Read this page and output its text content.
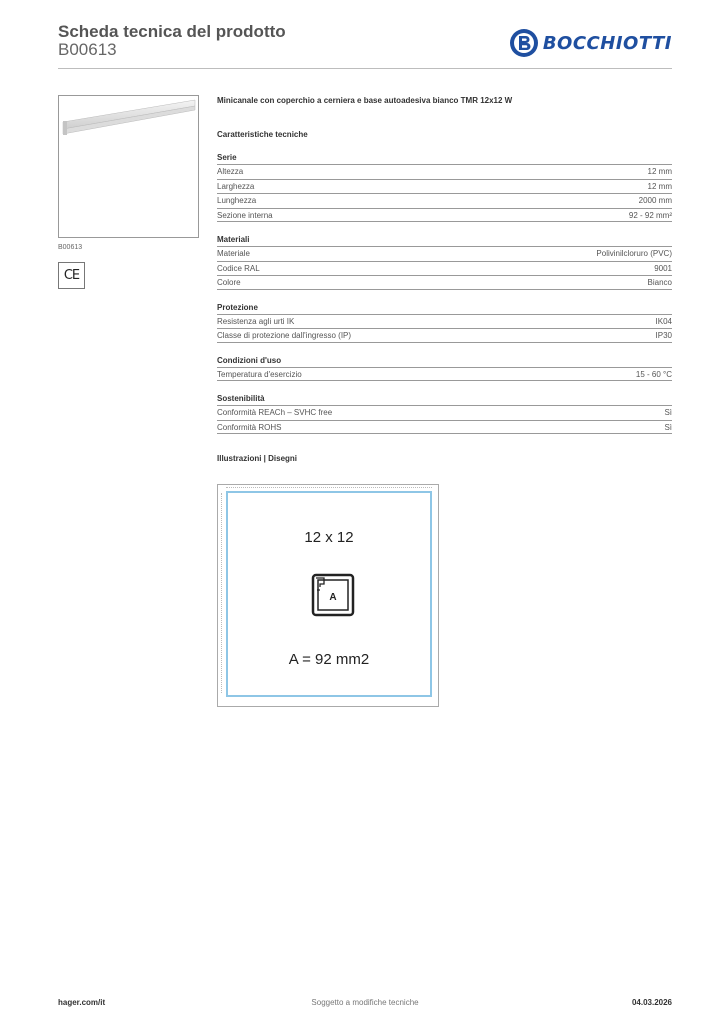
Scheda tecnica del prodotto
B00613	BOCCHIOTTI
B00613
CE
Minicanale con coperchio a cerniera e base autoadesiva bianco TMR 12x12 W
Caratteristiche tecniche
Serie
Altezza	12 mm
Larghezza	12 mm
Lunghezza	2000 mm
Sezione interna	92 - 92 mm²
Materiali
Materiale	Polivinilcloruro (PVC)
Codice RAL	9001
Colore	Bianco
Protezione
Resistenza agli urti IK	IK04
Classe di protezione dall'ingresso (IP)	IP30
Condizioni d'uso
Temperatura d'esercizio	15 - 60 °C
Sostenibilità
Conformità REACh – SVHC free	Sì
Conformità ROHS	Sì
Illustrazioni | Disegni
12 x 12
A
A = 92 mm2
hager.com/it	Soggetto a modifiche tecniche	04.03.2026
